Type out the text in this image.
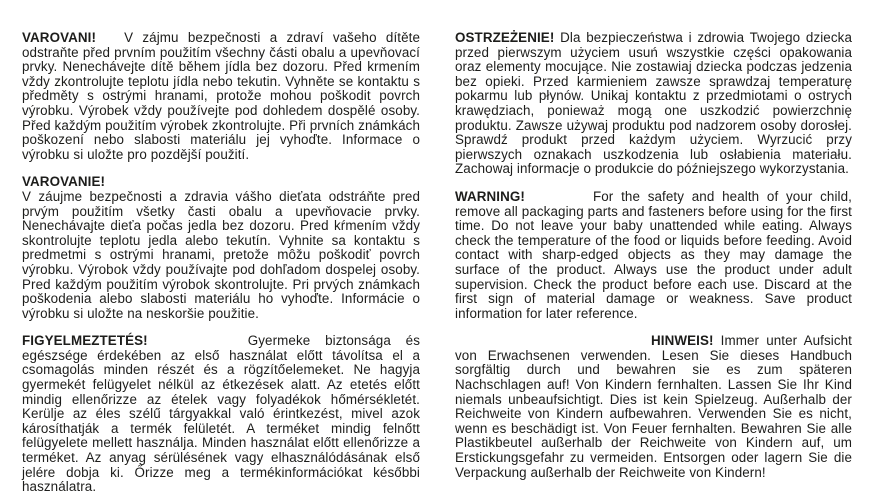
VAROVANI! V zájmu bezpečnosti a zdraví vašeho dítěte odstraňte před prvním použitím všechny části obalu a upevňovací prvky. Nenechávejte dítě během jídla bez dozoru. Před krmením vždy zkontrolujte teplotu jídla nebo tekutin. Vyhněte se kontaktu s předměty s ostrými hranami, protože mohou poškodit povrch výrobku. Výrobek vždy používejte pod dohledem dospělé osoby. Před každým použitím výrobek zkontrolujte. Při prvních známkách poškození nebo slabosti materiálu jej vyhoďte. Informace o výrobku si uložte pro pozdější použití.

VAROVANIE!
V záujme bezpečnosti a zdravia vášho dieťata odstráňte pred prvým použitím všetky časti obalu a upevňovacie prvky. Nenechávajte dieťa počas jedla bez dozoru. Pred kŕmením vždy skontrolujte teplotu jedla alebo tekutín. Vyhnite sa kontaktu s predmetmi s ostrými hranami, pretože môžu poškodiť povrch výrobku. Výrobok vždy používajte pod dohľadom dospelej osoby. Pred každým použitím výrobok skontrolujte. Pri prvých známkach poškodenia alebo slabosti materiálu ho vyhoďte. Informácie o výrobku si uložte na neskoršie použitie.

FIGYELMEZTETÉS!	Gyermeke biztonsága és egészsége érdekében az első használat előtt távolítsa el a csomagolás minden részét és a rögzítőelemeket. Ne hagyja gyermekét felügyelet nélkül az étkezések alatt. Az etetés előtt mindig ellenőrizze az ételek vagy folyadékok hőmérsékletét. Kerülje az éles szélű tárgyakkal való érintkezést, mivel azok károsíthatják a termék felületét. A terméket mindig felnőtt felügyelete mellett használja. Minden használat előtt ellenőrizze a terméket. Az anyag sérülésének vagy elhasználódásának első jelére dobja ki. Őrizze meg a termékinformációkat későbbi használatra.

OSTRZEŻENIE! Dla bezpieczeństwa i zdrowia Twojego dziecka przed pierwszym użyciem usuń wszystkie części opakowania oraz elementy mocujące. Nie zostawiaj dziecka podczas jedzenia bez opieki. Przed karmieniem zawsze sprawdzaj temperaturę pokarmu lub płynów. Unikaj kontaktu z przedmiotami o ostrych krawędziach, ponieważ mogą one uszkodzić powierzchnię produktu. Zawsze używaj produktu pod nadzorem osoby dorosłej. Sprawdź produkt przed każdym użyciem. Wyrzucić przy pierwszych oznakach uszkodzenia lub osłabienia materiału. Zachowaj informacje o produkcie do późniejszego wykorzystania.

WARNING!	For the safety and health of your child, remove all packaging parts and fasteners before using for the first time. Do not leave your baby unattended while eating. Always check the temperature of the food or liquids before feeding. Avoid contact with sharp-edged objects as they may damage the surface of the product. Always use the product under adult supervision. Check the product before each use. Discard at the first sign of material damage or weakness. Save product information for later reference.

HINWEIS! Immer unter Aufsicht von Erwachsenen verwenden. Lesen Sie dieses Handbuch sorgfältig durch und bewahren sie es zum späteren Nachschlagen auf! Von Kindern fernhalten. Lassen Sie Ihr Kind niemals unbeaufsichtigt. Dies ist kein Spielzeug. Außerhalb der Reichweite von Kindern aufbewahren. Verwenden Sie es nicht, wenn es beschädigt ist. Von Feuer fernhalten. Bewahren Sie alle Plastikbeutel außerhalb der Reichweite von Kindern auf, um Erstickungsgefahr zu vermeiden. Entsorgen oder lagern Sie die Verpackung außerhalb der Reichweite von Kindern!
